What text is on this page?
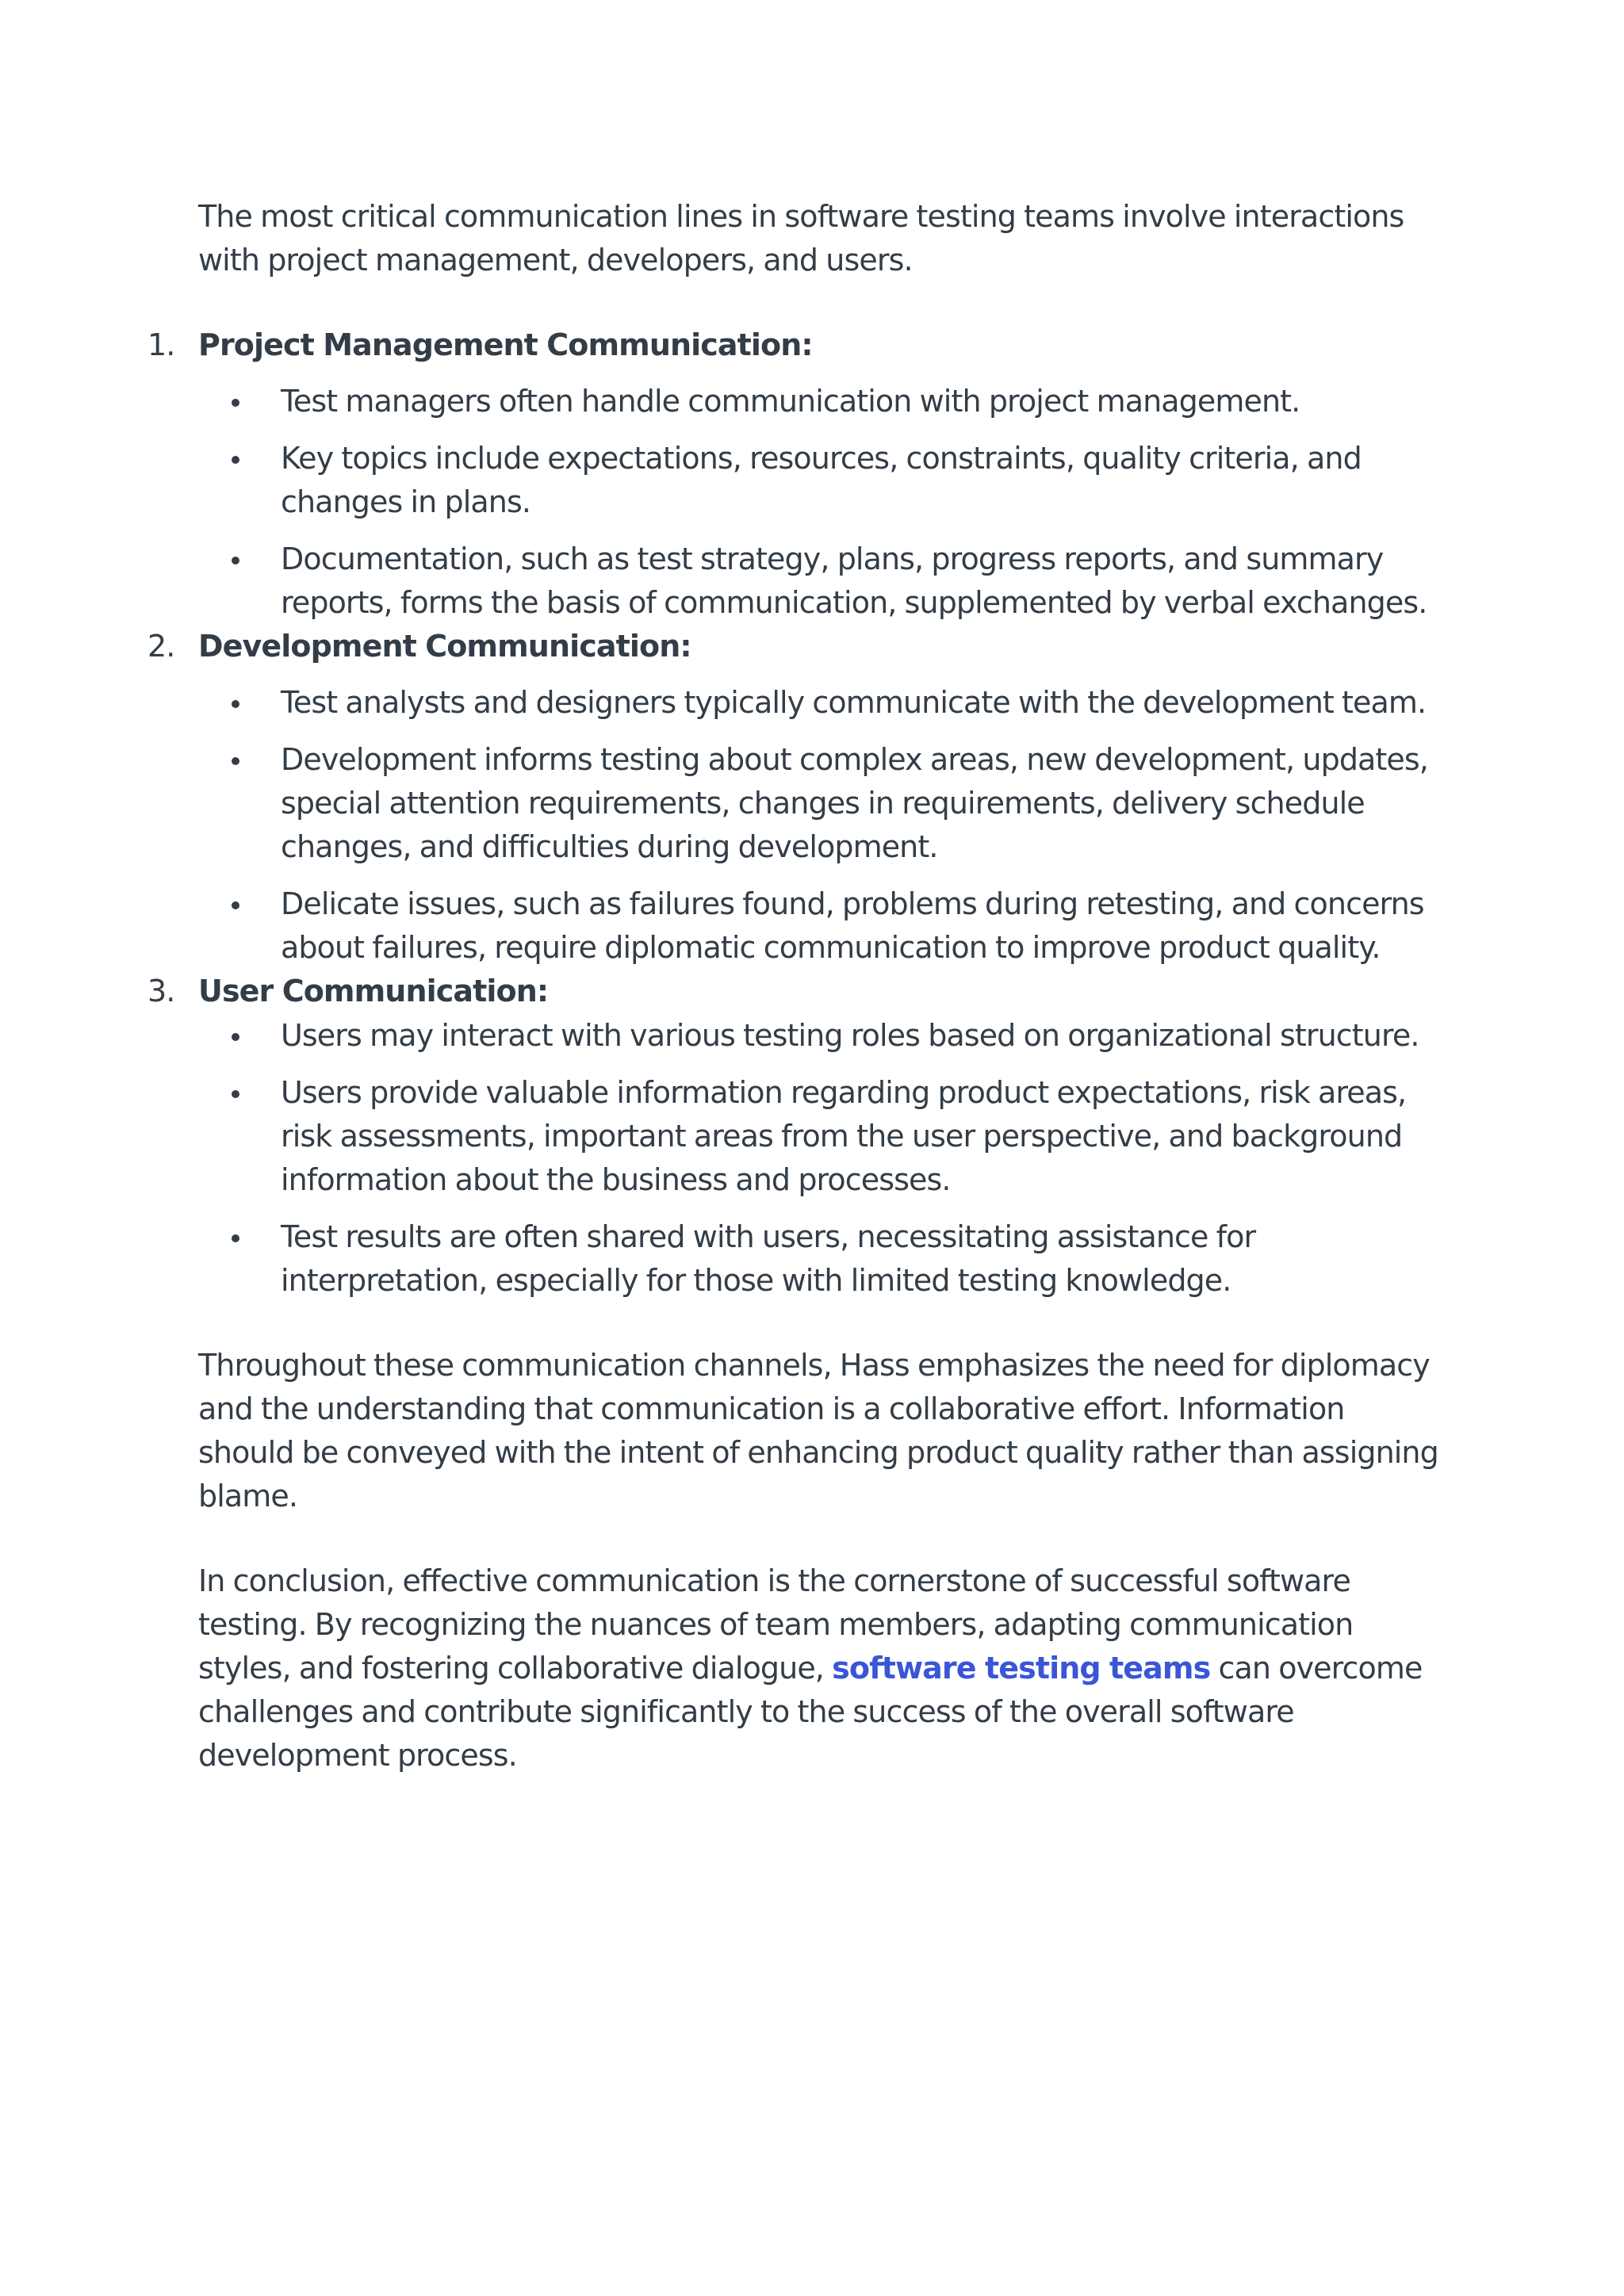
The most critical communication lines in software testing teams involve interactions with project management, developers, and users.

1. Project Management Communication:
Test managers often handle communication with project management.
Key topics include expectations, resources, constraints, quality criteria, and changes in plans.
Documentation, such as test strategy, plans, progress reports, and summary reports, forms the basis of communication, supplemented by verbal exchanges.
2. Development Communication:
Test analysts and designers typically communicate with the development team.
Development informs testing about complex areas, new development, updates, special attention requirements, changes in requirements, delivery schedule changes, and difficulties during development.
Delicate issues, such as failures found, problems during retesting, and concerns about failures, require diplomatic communication to improve product quality.
3. User Communication:
Users may interact with various testing roles based on organizational structure.
Users provide valuable information regarding product expectations, risk areas, risk assessments, important areas from the user perspective, and background information about the business and processes.
Test results are often shared with users, necessitating assistance for interpretation, especially for those with limited testing knowledge.

Throughout these communication channels, Hass emphasizes the need for diplomacy and the understanding that communication is a collaborative effort. Information should be conveyed with the intent of enhancing product quality rather than assigning blame.

In conclusion, effective communication is the cornerstone of successful software testing. By recognizing the nuances of team members, adapting communication styles, and fostering collaborative dialogue, software testing teams can overcome challenges and contribute significantly to the success of the overall software development process.
